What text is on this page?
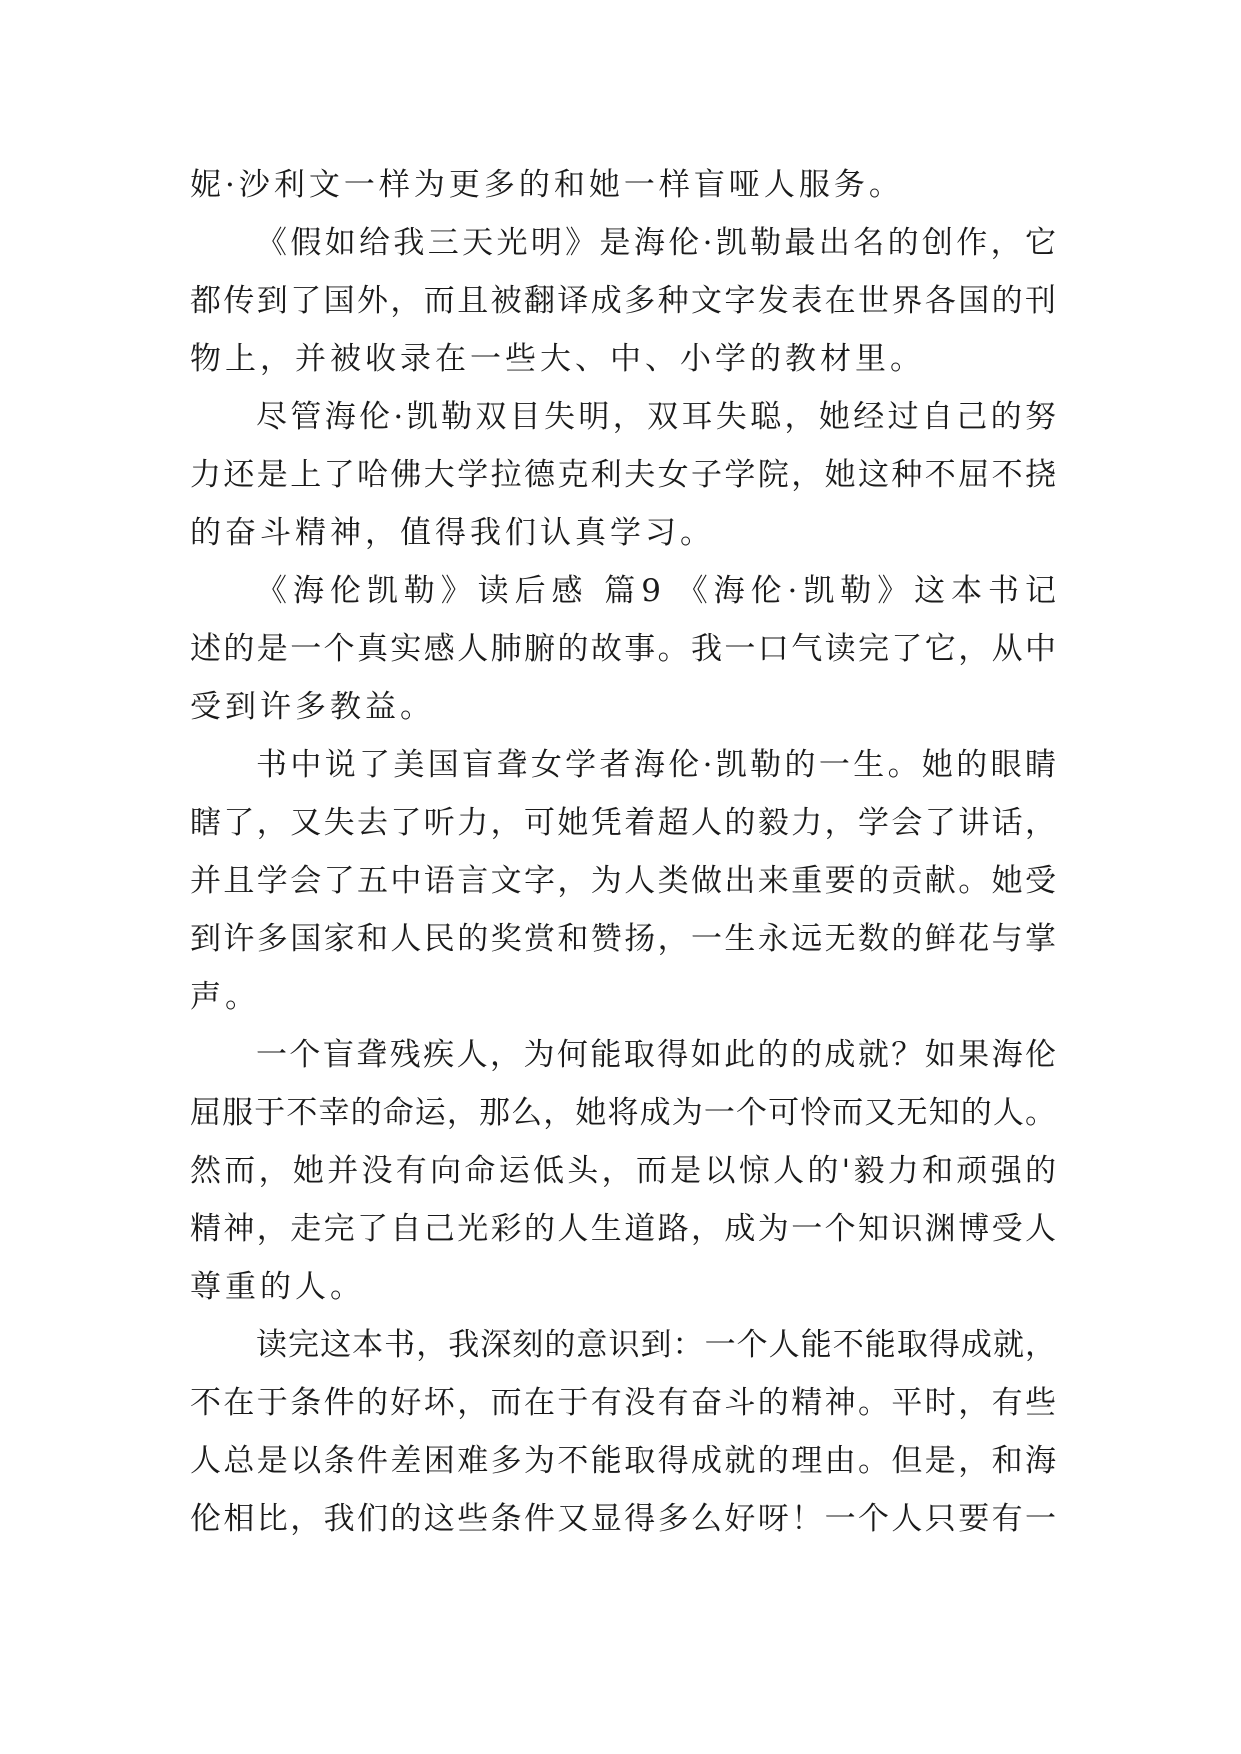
妮·沙利文一样为更多的和她一样盲哑人服务。
《假如给我三天光明》是海伦·凯勒最出名的创作，它
都传到了国外，而且被翻译成多种文字发表在世界各国的刊
物上，并被收录在一些大、中、小学的教材里。
尽管海伦·凯勒双目失明，双耳失聪，她经过自己的努
力还是上了哈佛大学拉德克利夫女子学院，她这种不屈不挠
的奋斗精神，值得我们认真学习。
《海伦凯勒》读后感 篇9 《海伦·凯勒》这本书记
述的是一个真实感人肺腑的故事。我一口气读完了它，从中
受到许多教益。
书中说了美国盲聋女学者海伦·凯勒的一生。她的眼睛
瞎了，又失去了听力，可她凭着超人的毅力，学会了讲话，
并且学会了五中语言文字，为人类做出来重要的贡献。她受
到许多国家和人民的奖赏和赞扬，一生永远无数的鲜花与掌
声。
一个盲聋残疾人，为何能取得如此的的成就？如果海伦
屈服于不幸的命运，那么，她将成为一个可怜而又无知的人。
然而，她并没有向命运低头，而是以惊人的'毅力和顽强的
精神，走完了自己光彩的人生道路，成为一个知识渊博受人
尊重的人。
读完这本书，我深刻的意识到：一个人能不能取得成就，
不在于条件的好坏，而在于有没有奋斗的精神。平时，有些
人总是以条件差困难多为不能取得成就的理由。但是，和海
伦相比，我们的这些条件又显得多么好呀！一个人只要有一
